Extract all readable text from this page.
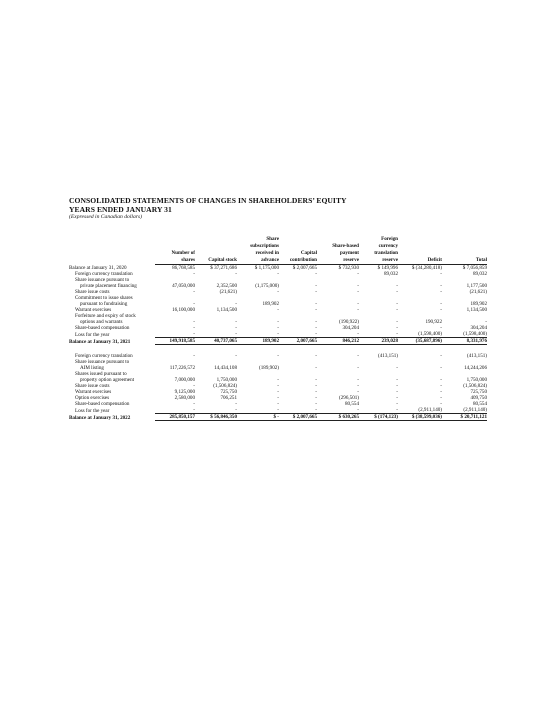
CONSOLIDATED STATEMENTS OF CHANGES IN SHAREHOLDERS’ EQUITY
YEARS ENDED JANUARY 31
(Expressed in Canadian dollars)
			Share			Foreign		
			subscriptions		Share-based	currency		
	Number of		received in	Capital	payment	translation		
	shares	Capital stock	advance	contribution	reserve	reserve	Deficit	Total
Balance at January 31, 2020	86,768,585	$ 37,271,686	$ 1,175,000	$ 2,007,665	$ 732,930	$ 149,996	$ (34,280,418)	$ 7,056,859
Foreign currency translation	-	-	-	-	-	89,032	-	89,032
Share issuance pursuant to								
private placement financing	47,050,000	2,352,500	(1,175,000)	-	-	-	-	1,177,500
Share issue costs	-	(21,621)	-	-	-	-	-	(21,621)
Commitment to issue shares								
pursuant to fundraising	-	-	189,902	-	-	-	-	189,902
Warrant exercises	16,100,000	1,134,500	-	-	-	-	-	1,134,500
Forfeiture and expiry of stock								
options and warrants	-	-	-	-	(190,922)	-	190,922	-
Share-based compensation	-	-	-	-	304,204	-	-	304,204
Loss for the year	-	-	-	-	-	-	(1,598,400)	(1,598,400)
Balance at January 31, 2021	149,918,585	40,737,065	189,902	2,007,665	846,212	239,028	(35,687,896)	8,331,976

Foreign currency translation	-	-	-	-	-	(413,151)	-	(413,151)
Share issuance pursuant to								
AIM listing	117,226,572	14,434,108	(189,902)	-	-	-	-	14,244,206
Shares issued pursuant to								
property option agreement	7,000,000	1,750,000	-	-	-	-	-	1,750,000
Share issue costs	-	(1,506,824)	-	-	-	-	-	(1,506,824)
Warrant exercises	9,125,000	725,750	-	-	-	-	-	725,750
Option exercises	2,580,000	706,251	-	-	(296,501)	-	-	409,750
Share-based compensation	-	-	-	-	80,554	-	-	80,554
Loss for the year	-	-	-	-	-	-	(2,911,140)	(2,911,140)
Balance at January 31, 2022	285,850,157	$ 56,846,350	$ -	$ 2,007,665	$ 630,265	$ (174,123)	$ (38,599,036)	$ 20,711,121
